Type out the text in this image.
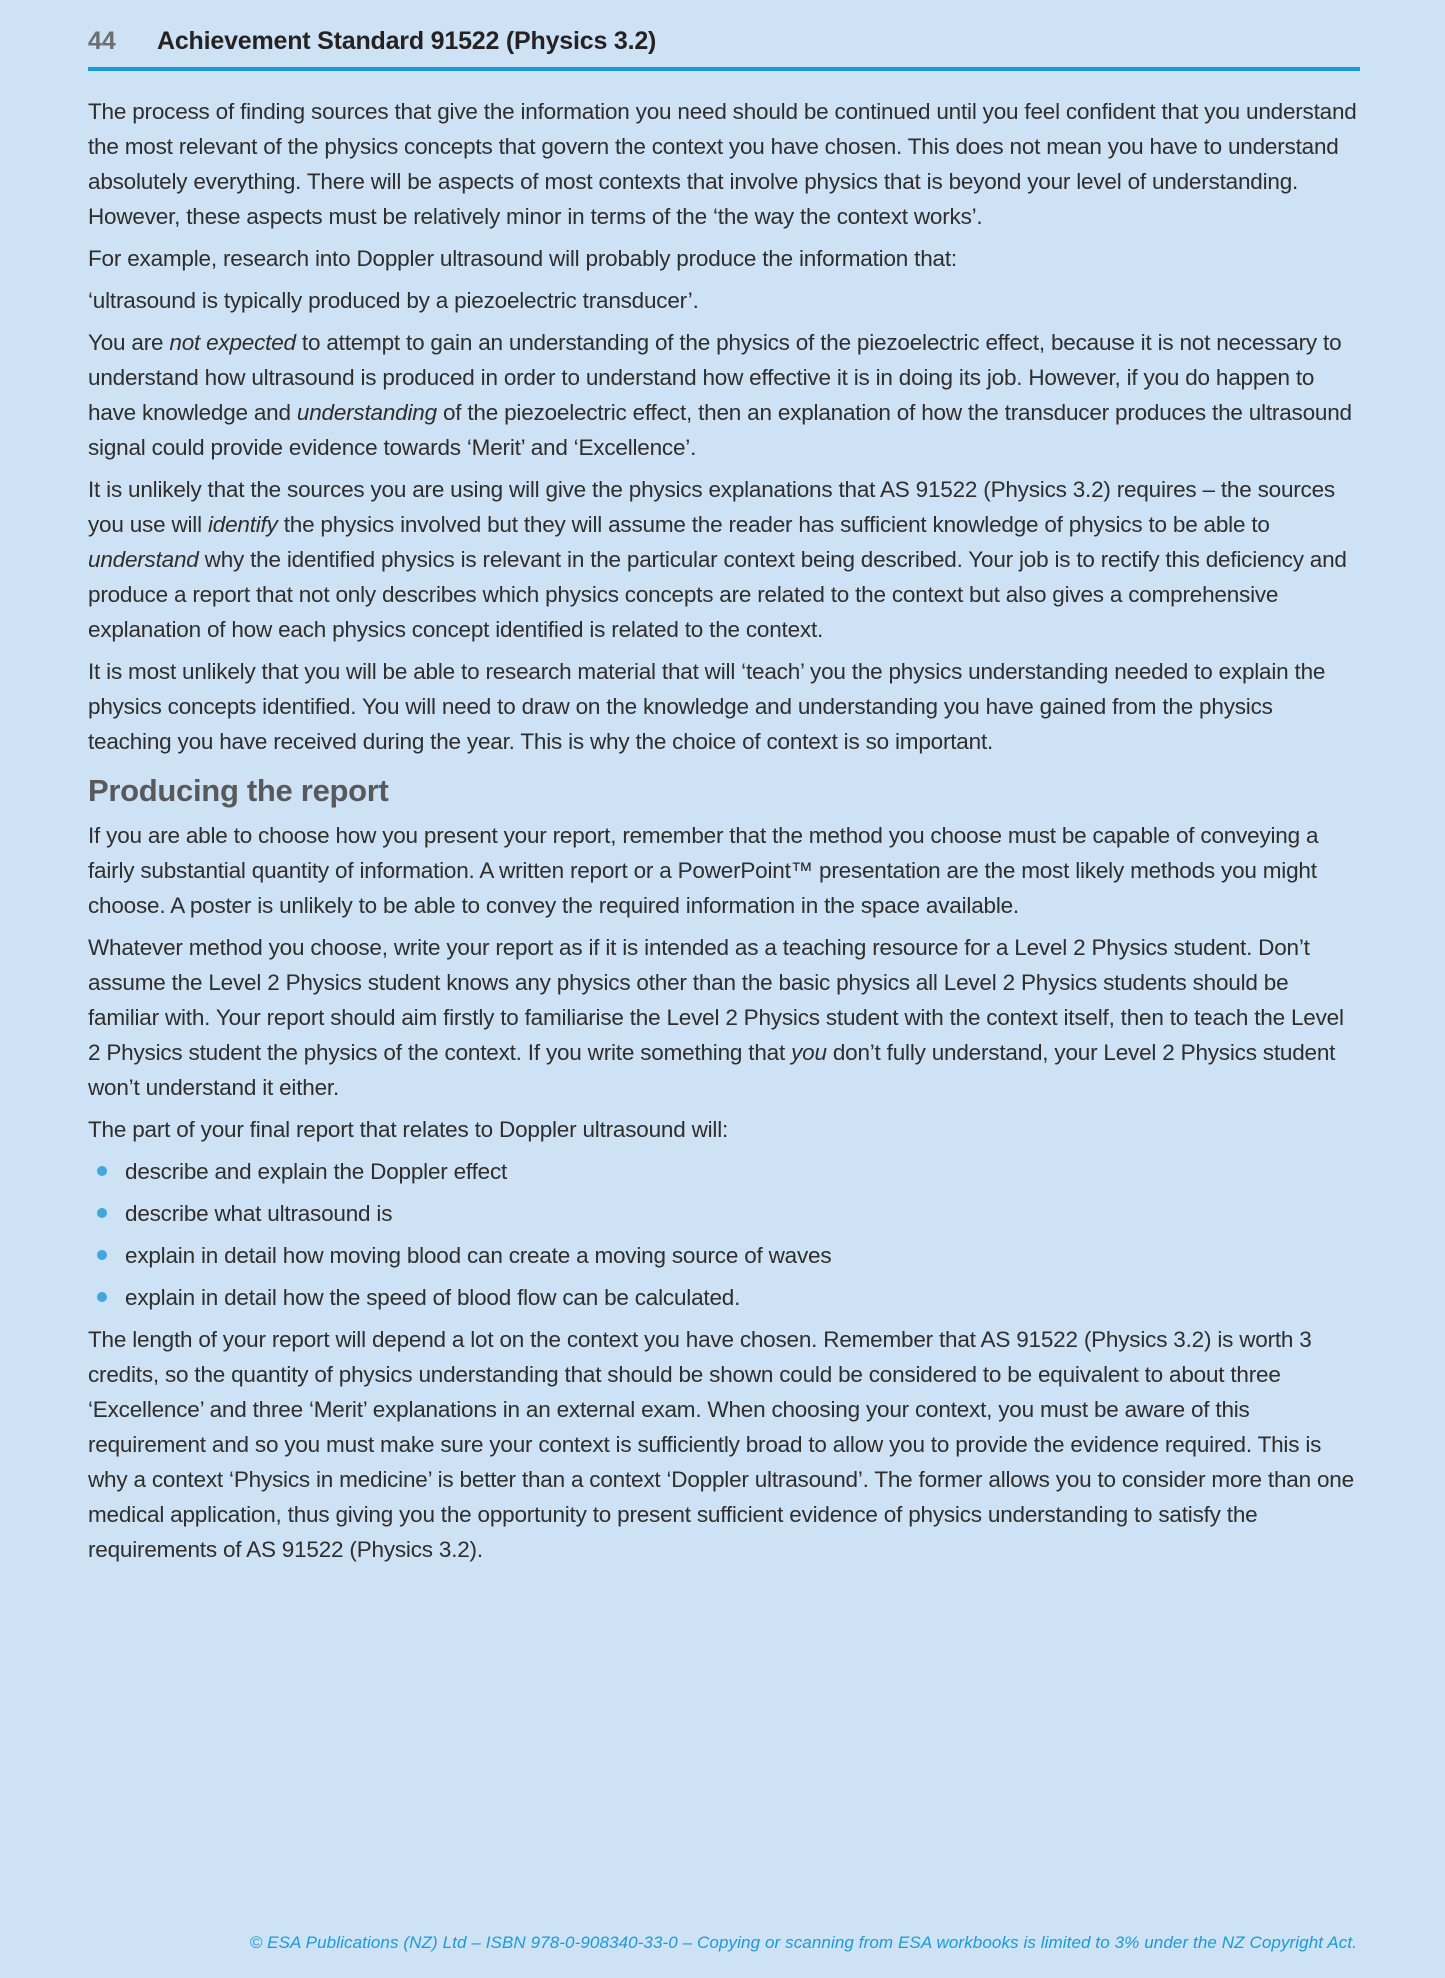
44	Achievement Standard 91522 (Physics 3.2)

The process of finding sources that give the information you need should be continued until you feel confident that you understand the most relevant of the physics concepts that govern the context you have chosen. This does not mean you have to understand absolutely everything. There will be aspects of most contexts that involve physics that is beyond your level of understanding. However, these aspects must be relatively minor in terms of the ‘the way the context works’.

For example, research into Doppler ultrasound will probably produce the information that:

‘ultrasound is typically produced by a piezoelectric transducer’.

You are not expected to attempt to gain an understanding of the physics of the piezoelectric effect, because it is not necessary to understand how ultrasound is produced in order to understand how effective it is in doing its job. However, if you do happen to have knowledge and understanding of the piezoelectric effect, then an explanation of how the transducer produces the ultrasound signal could provide evidence towards ‘Merit’ and ‘Excellence’.

It is unlikely that the sources you are using will give the physics explanations that AS 91522 (Physics 3.2) requires – the sources you use will identify the physics involved but they will assume the reader has sufficient knowledge of physics to be able to understand why the identified physics is relevant in the particular context being described. Your job is to rectify this deficiency and produce a report that not only describes which physics concepts are related to the context but also gives a comprehensive explanation of how each physics concept identified is related to the context.

It is most unlikely that you will be able to research material that will ‘teach’ you the physics understanding needed to explain the physics concepts identified. You will need to draw on the knowledge and understanding you have gained from the physics teaching you have received during the year. This is why the choice of context is so important.

Producing the report

If you are able to choose how you present your report, remember that the method you choose must be capable of conveying a fairly substantial quantity of information. A written report or a PowerPoint™ presentation are the most likely methods you might choose. A poster is unlikely to be able to convey the required information in the space available.

Whatever method you choose, write your report as if it is intended as a teaching resource for a Level 2 Physics student. Don’t assume the Level 2 Physics student knows any physics other than the basic physics all Level 2 Physics students should be familiar with. Your report should aim firstly to familiarise the Level 2 Physics student with the context itself, then to teach the Level 2 Physics student the physics of the context. If you write something that you don’t fully understand, your Level 2 Physics student won’t understand it either.

The part of your final report that relates to Doppler ultrasound will:

describe and explain the Doppler effect
describe what ultrasound is
explain in detail how moving blood can create a moving source of waves
explain in detail how the speed of blood flow can be calculated.

The length of your report will depend a lot on the context you have chosen. Remember that AS 91522 (Physics 3.2) is worth 3 credits, so the quantity of physics understanding that should be shown could be considered to be equivalent to about three ‘Excellence’ and three ‘Merit’ explanations in an external exam. When choosing your context, you must be aware of this requirement and so you must make sure your context is sufficiently broad to allow you to provide the evidence required. This is why a context ‘Physics in medicine’ is better than a context ‘Doppler ultrasound’. The former allows you to consider more than one medical application, thus giving you the opportunity to present sufficient evidence of physics understanding to satisfy the requirements of AS 91522 (Physics 3.2).

© ESA Publications (NZ) Ltd – ISBN 978-0-908340-33-0 – Copying or scanning from ESA workbooks is limited to 3% under the NZ Copyright Act.
